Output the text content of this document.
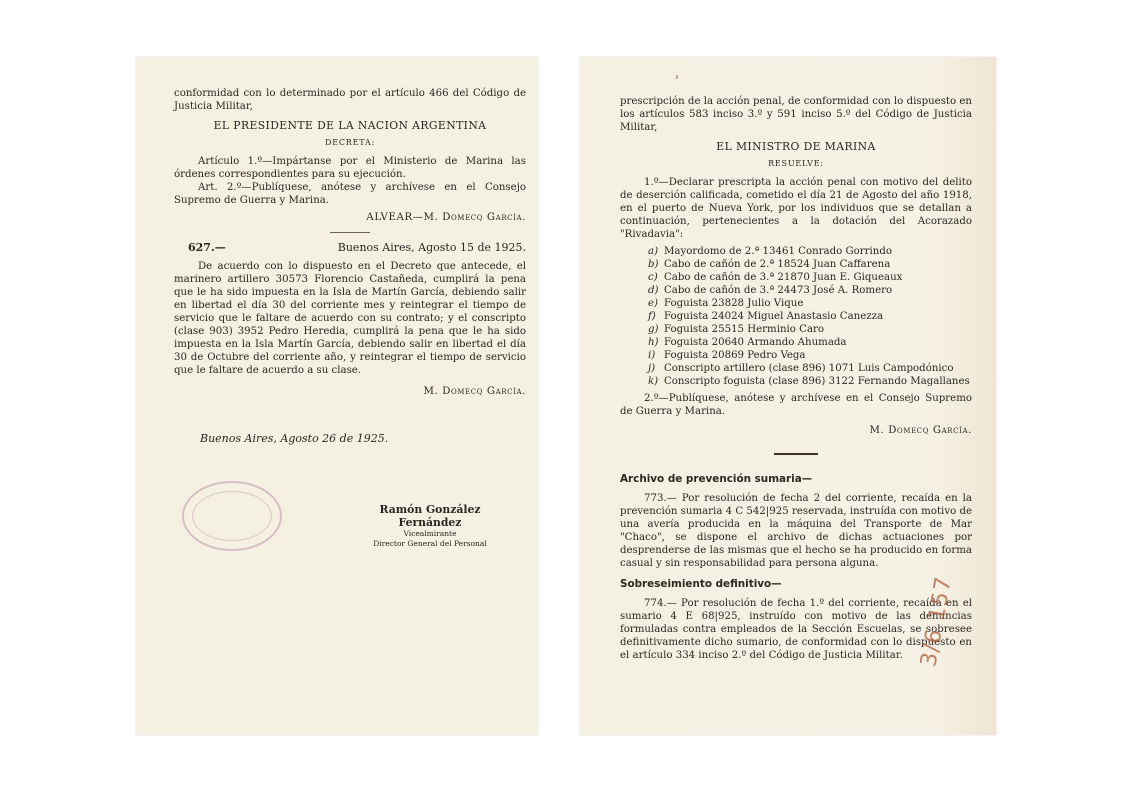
conformidad con lo determinado por el artículo 466 del Código de Justicia Militar,

EL PRESIDENTE DE LA NACION ARGENTINA

DECRETA:

Artículo 1.º—Impártanse por el Ministerio de Marina las órdenes correspondientes para su ejecución.

Art. 2.º—Publíquese, anótese y archívese en el Consejo Supremo de Guerra y Marina.

ALVEAR—M. Domecq García.

627.—	Buenos Aires, Agosto 15 de 1925.

De acuerdo con lo dispuesto en el Decreto que antecede, el marinero artillero 30573 Florencio Castañeda, cumplirá la pena que le ha sido impuesta en la Isla de Martín García, debiendo salir en libertad el día 30 del corriente mes y reintegrar el tiempo de servicio que le faltare de acuerdo con su contrato; y el conscripto (clase 903) 3952 Pedro Heredia, cumplirá la pena que le ha sido impuesta en la Isla Martín García, debiendo salir en libertad el día 30 de Octubre del corriente año, y reintegrar el tiempo de servicio que le faltare de acuerdo a su clase.

M. Domecq García.

Buenos Aires, Agosto 26 de 1925.

Ramón González Fernández
Vicealmirante
Director General del Personal

prescripción de la acción penal, de conformidad con lo dispuesto en los artículos 583 inciso 3.º y 591 inciso 5.º del Código de Justicia Militar,

EL MINISTRO DE MARINA

RESUELVE:

1.º—Declarar prescripta la acción penal con motivo del delito de deserción calificada, cometido el día 21 de Agosto del año 1918, en el puerto de Nueva York, por los individuos que se detallan a continuación, pertenecientes a la dotación del Acorazado "Rivadavia":

a) Mayordomo de 2.ª 13461 Conrado Gorrindo
b) Cabo de cañón de 2.ª 18524 Juan Caffarena
c) Cabo de cañón de 3.ª 21870 Juan E. Giqueaux
d) Cabo de cañón de 3.ª 24473 José A. Romero
e) Foguista 23828 Julio Vique
f) Foguista 24024 Miguel Anastasio Canezza
g) Foguista 25515 Herminio Caro
h) Foguista 20640 Armando Ahumada
i) Foguista 20869 Pedro Vega
j) Conscripto artillero (clase 896) 1071 Luis Campodónico
k) Conscripto foguista (clase 896) 3122 Fernando Magallanes

2.º—Publíquese, anótese y archívese en el Consejo Supremo de Guerra y Marina.

M. Domecq García.

Archivo de prevención sumaria—

773.— Por resolución de fecha 2 del corriente, recaída en la prevención sumaria 4 C 542|925 reservada, instruída con motivo de una avería producida en la máquina del Transporte de Mar "Chaco", se dispone el archivo de dichas actuaciones por desprenderse de las mismas que el hecho se ha producido en forma casual y sin responsabilidad para persona alguna.

Sobreseimiento definitivo—

774.— Por resolución de fecha 1.º del corriente, recaída en el sumario 4 E 68|925, instruído con motivo de las denuncias formuladas contra empleados de la Sección Escuelas, se sobresee definitivamente dicho sumario, de conformidad con lo dispuesto en el artículo 334 inciso 2.º del Código de Justicia Militar. 3/6 157
